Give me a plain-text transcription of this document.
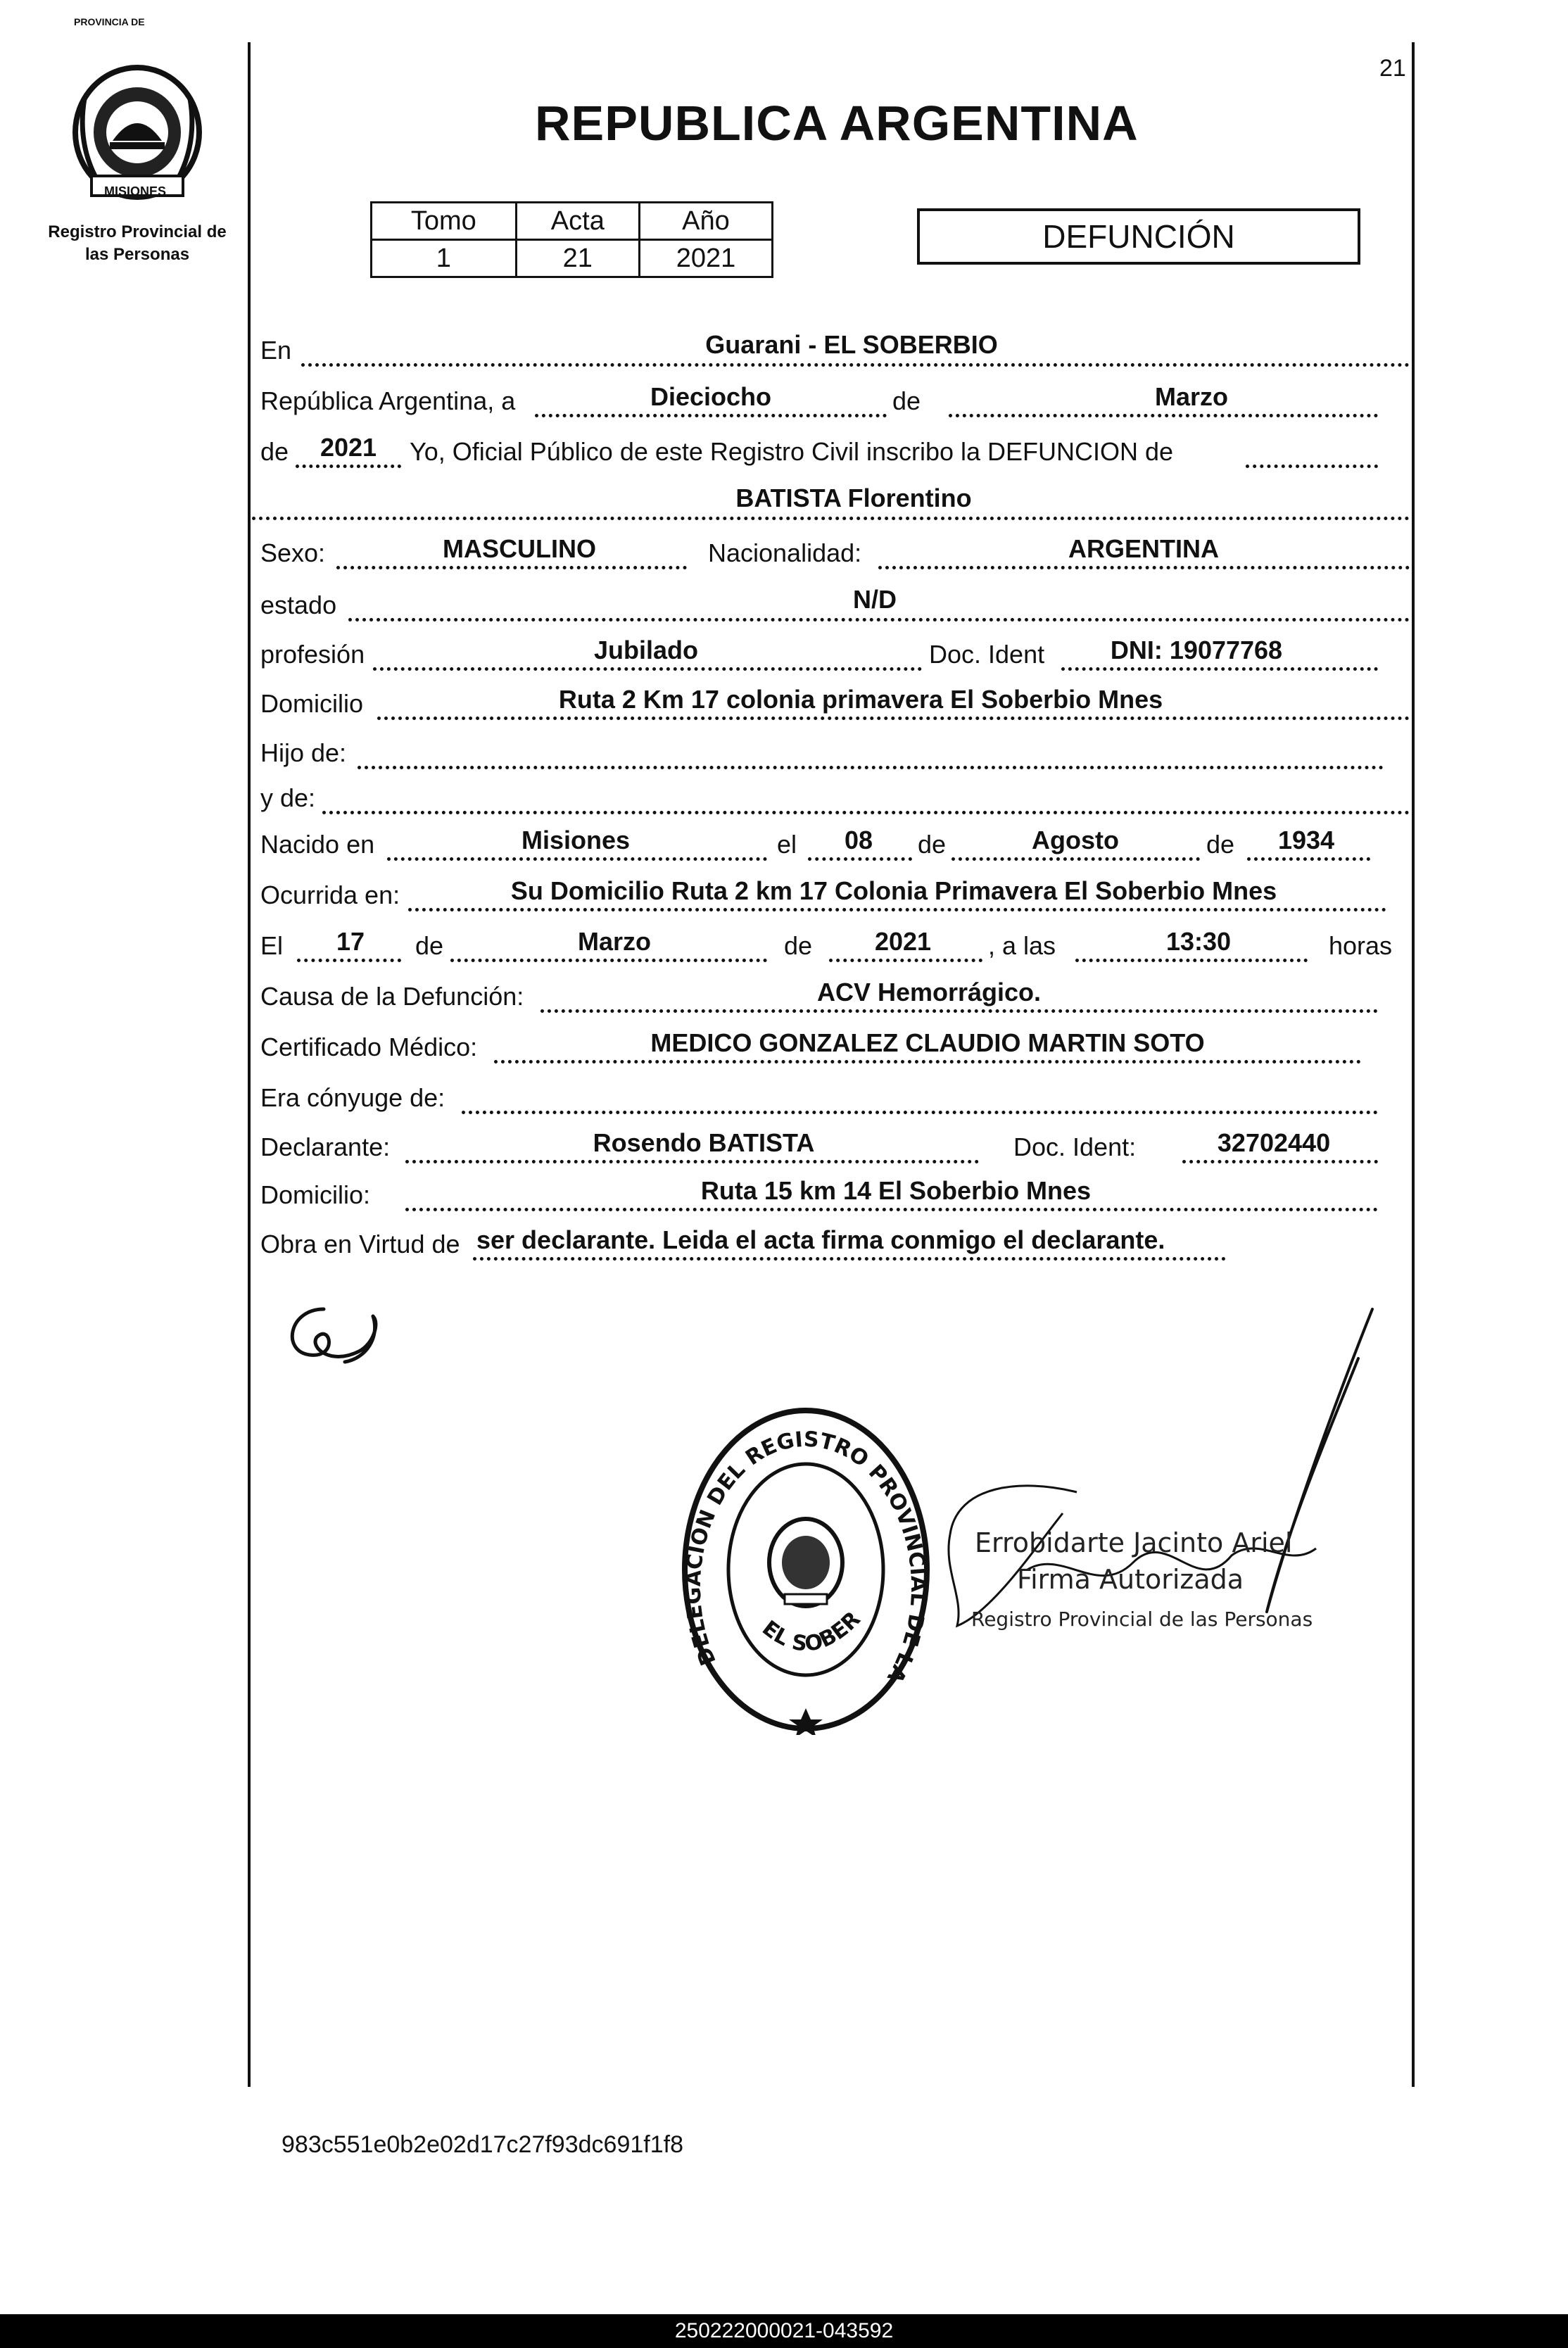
21
PROVINCIA DE
MISIONES
Registro Provincial de
las Personas
REPUBLICA ARGENTINA
Tomo	Acta	Año
1	21	2021
DEFUNCIÓN
En	Guarani - EL SOBERBIO
República Argentina, a	Dieciocho	de	Marzo
de 2021 Yo, Oficial Público de este Registro Civil inscribo la DEFUNCION de
BATISTA Florentino
Sexo:	MASCULINO	Nacionalidad:	ARGENTINA
estado	N/D
profesión	Jubilado	Doc. Ident	DNI: 19077768
Domicilio	Ruta 2 Km 17 colonia primavera El Soberbio Mnes
Hijo de:
y de:
Nacido en	Misiones	el 08 de	Agosto	de 1934
Ocurrida en:	Su Domicilio Ruta 2 km 17 Colonia Primavera El Soberbio Mnes
El 17 de	Marzo	de 2021 , a las	13:30	horas
Causa de la Defunción:	ACV Hemorrágico.
Certificado Médico:	MEDICO GONZALEZ CLAUDIO MARTIN SOTO
Era cónyuge de:
Declarante:	Rosendo BATISTA	Doc. Ident:	32702440
Domicilio:	Ruta 15 km 14 El Soberbio Mnes
Obra en Virtud de ser declarante. Leida el acta firma conmigo el declarante.
DELEGACION DEL REGISTRO PROVINCIAL DE LA
EL SOBER
Errobidarte Jacinto Ariel
Firma Autorizada
Registro Provincial de las Personas
983c551e0b2e02d17c27f93dc691f1f8
250222000021-043592
